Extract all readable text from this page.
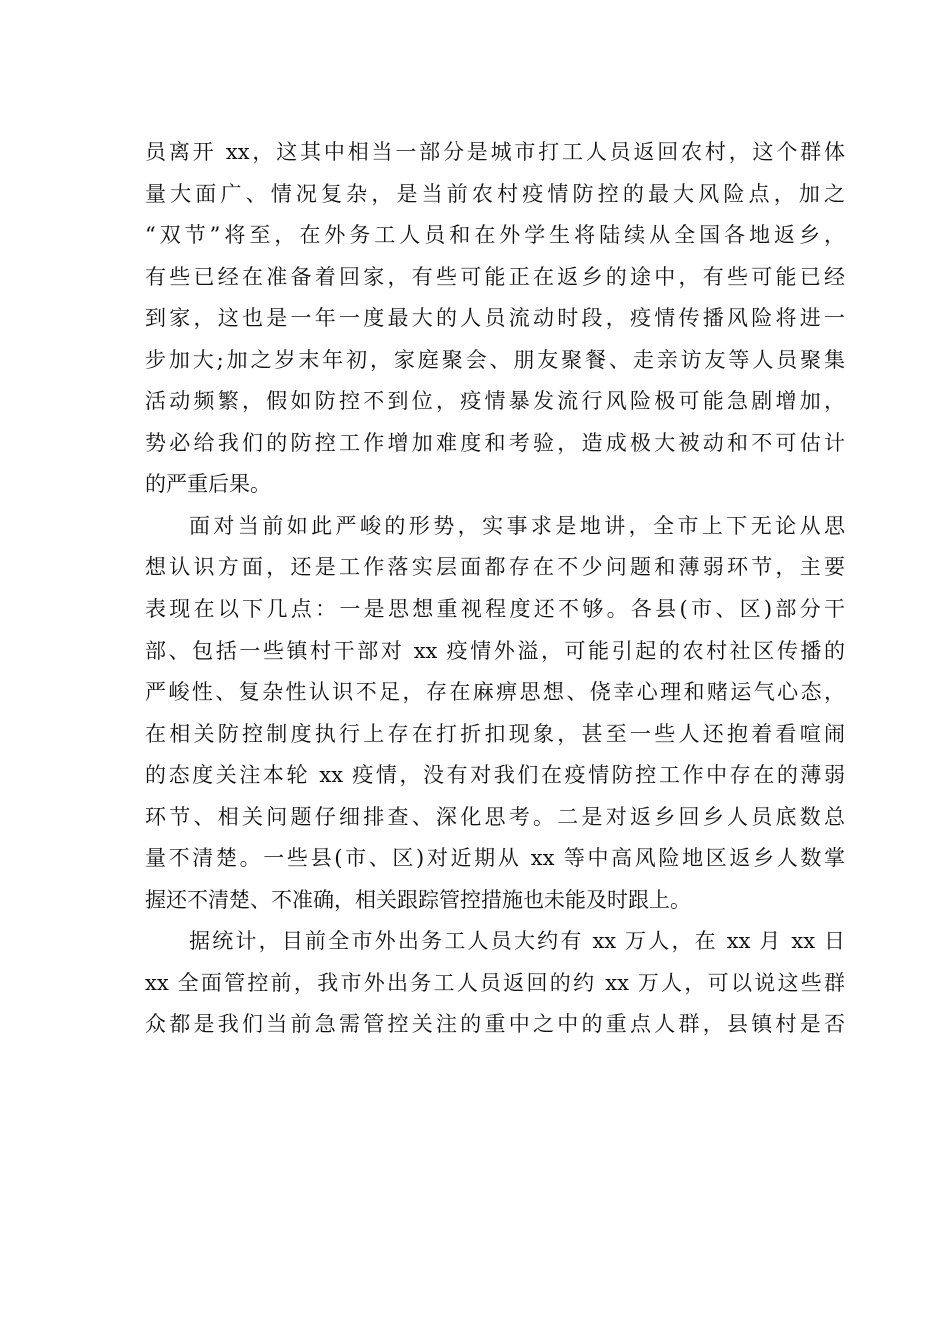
员离开 xx，这其中相当一部分是城市打工人员返回农村，这个群体
量大面广、情况复杂，是当前农村疫情防控的最大风险点，加之
“双节”将至，在外务工人员和在外学生将陆续从全国各地返乡，
有些已经在准备着回家，有些可能正在返乡的途中，有些可能已经
到家，这也是一年一度最大的人员流动时段，疫情传播风险将进一
步加大;加之岁末年初，家庭聚会、朋友聚餐、走亲访友等人员聚集
活动频繁，假如防控不到位，疫情暴发流行风险极可能急剧增加，
势必给我们的防控工作增加难度和考验，造成极大被动和不可估计
的严重后果。
面对当前如此严峻的形势，实事求是地讲，全市上下无论从思
想认识方面，还是工作落实层面都存在不少问题和薄弱环节，主要
表现在以下几点：一是思想重视程度还不够。各县(市、区)部分干
部、包括一些镇村干部对 xx 疫情外溢，可能引起的农村社区传播的
严峻性、复杂性认识不足，存在麻痹思想、侥幸心理和赌运气心态，
在相关防控制度执行上存在打折扣现象，甚至一些人还抱着看喧闹
的态度关注本轮 xx 疫情，没有对我们在疫情防控工作中存在的薄弱
环节、相关问题仔细排查、深化思考。二是对返乡回乡人员底数总
量不清楚。一些县(市、区)对近期从 xx 等中高风险地区返乡人数掌
握还不清楚、不准确，相关跟踪管控措施也未能及时跟上。
据统计，目前全市外出务工人员大约有 xx 万人，在 xx 月 xx 日
xx 全面管控前，我市外出务工人员返回的约 xx 万人，可以说这些群
众都是我们当前急需管控关注的重中之中的重点人群，县镇村是否
